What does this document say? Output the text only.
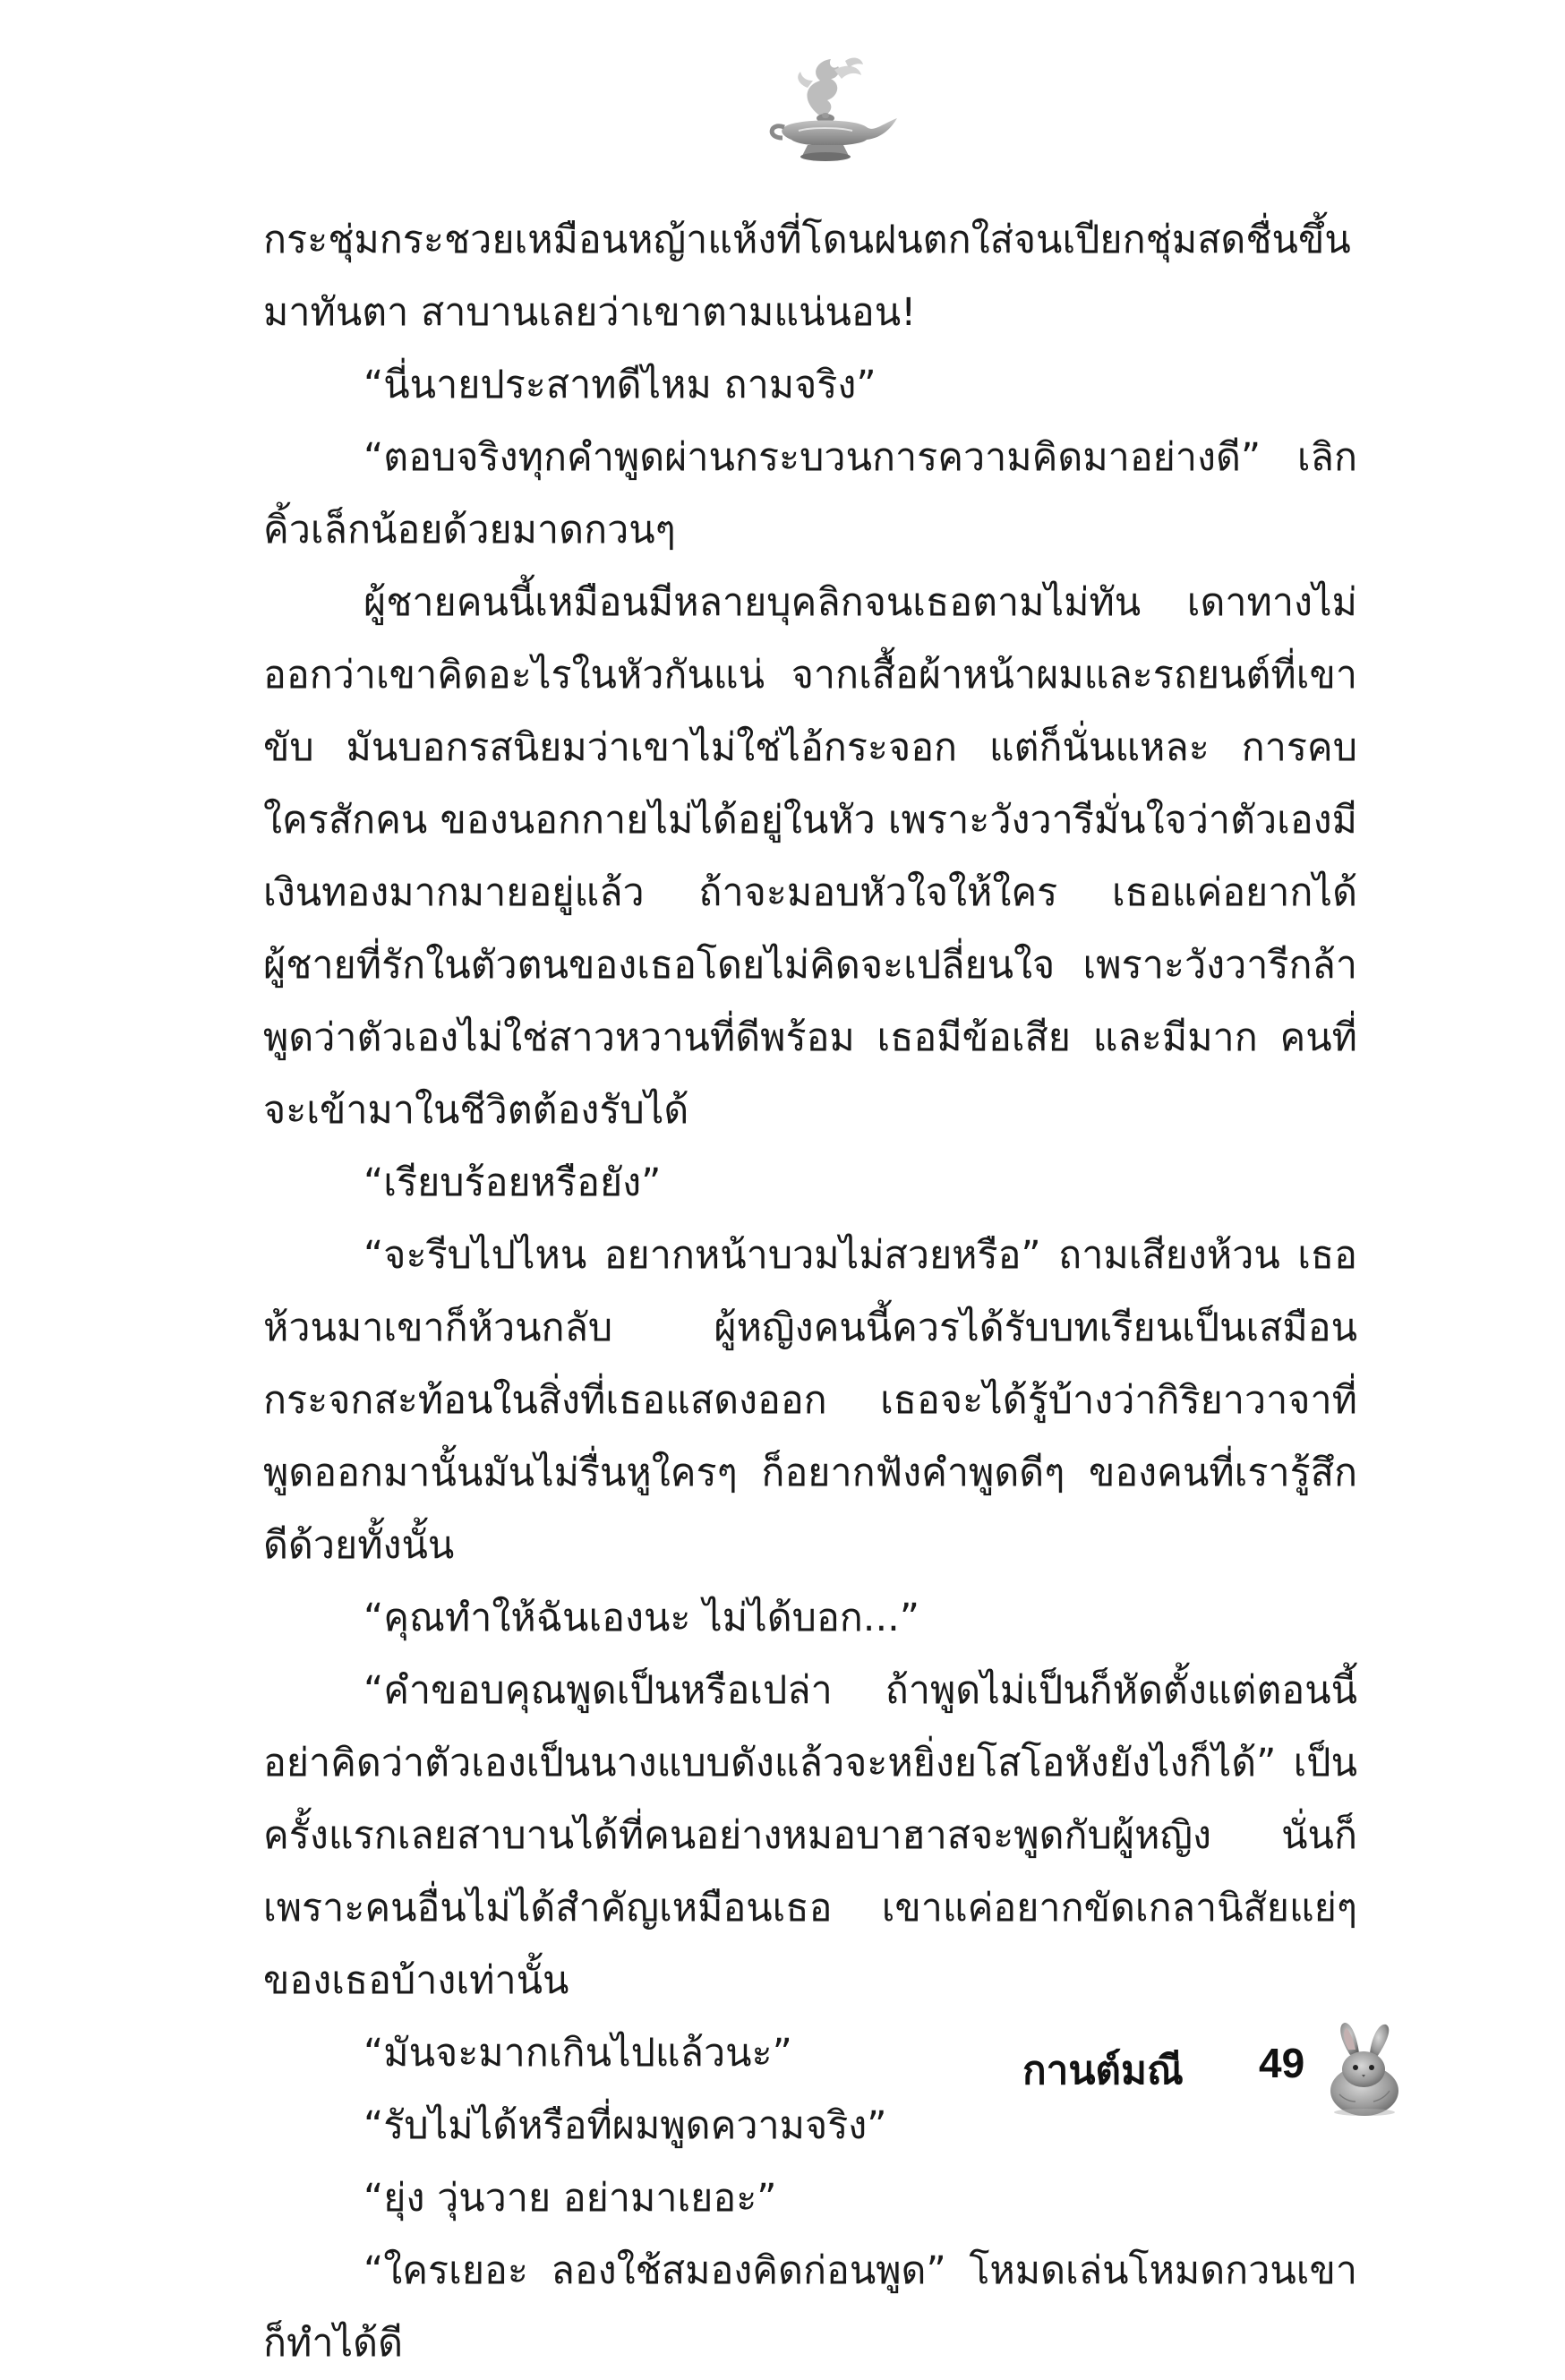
กระชุ่มกระชวยเหมือนหญ้าแห้งที่โดนฝนตกใส่จนเปียกชุ่มสดชื่นขึ้นมาทันตา สาบานเลยว่าเขาตามแน่นอน!

“นี่นายประสาทดีไหม ถามจริง”

“ตอบจริงทุกคำพูดผ่านกระบวนการความคิดมาอย่างดี” เลิกคิ้วเล็กน้อยด้วยมาดกวนๆ

ผู้ชายคนนี้เหมือนมีหลายบุคลิกจนเธอตามไม่ทัน เดาทางไม่ออกว่าเขาคิดอะไรในหัวกันแน่ จากเสื้อผ้าหน้าผมและรถยนต์ที่เขาขับ มันบอกรสนิยมว่าเขาไม่ใช่ไอ้กระจอก แต่ก็นั่นแหละ การคบใครสักคน ของนอกกายไม่ได้อยู่ในหัว เพราะวังวารีมั่นใจว่าตัวเองมีเงินทองมากมายอยู่แล้ว ถ้าจะมอบหัวใจให้ใคร เธอแค่อยากได้ผู้ชายที่รักในตัวตนของเธอโดยไม่คิดจะเปลี่ยนใจ เพราะวังวารีกล้าพูดว่าตัวเองไม่ใช่สาวหวานที่ดีพร้อม เธอมีข้อเสีย และมีมาก คนที่จะเข้ามาในชีวิตต้องรับได้

“เรียบร้อยหรือยัง”

“จะรีบไปไหน อยากหน้าบวมไม่สวยหรือ” ถามเสียงห้วน เธอห้วนมาเขาก็ห้วนกลับ ผู้หญิงคนนี้ควรได้รับบทเรียนเป็นเสมือนกระจกสะท้อนในสิ่งที่เธอแสดงออก เธอจะได้รู้บ้างว่ากิริยาวาจาที่พูดออกมานั้นมันไม่รื่นหูใครๆ ก็อยากฟังคำพูดดีๆ ของคนที่เรารู้สึกดีด้วยทั้งนั้น

“คุณทำให้ฉันเองนะ ไม่ได้บอก...”

“คำขอบคุณพูดเป็นหรือเปล่า ถ้าพูดไม่เป็นก็หัดตั้งแต่ตอนนี้ อย่าคิดว่าตัวเองเป็นนางแบบดังแล้วจะหยิ่งยโสโอหังยังไงก็ได้” เป็นครั้งแรกเลยสาบานได้ที่คนอย่างหมอบาฮาสจะพูดกับผู้หญิง นั่นก็เพราะคนอื่นไม่ได้สำคัญเหมือนเธอ เขาแค่อยากขัดเกลานิสัยแย่ๆ ของเธอบ้างเท่านั้น

“มันจะมากเกินไปแล้วนะ”

“รับไม่ได้หรือที่ผมพูดความจริง”

“ยุ่ง วุ่นวาย อย่ามาเยอะ”

“ใครเยอะ ลองใช้สมองคิดก่อนพูด” โหมดเล่นโหมดกวนเขาก็ทำได้ดี

กานต์มณี 49
